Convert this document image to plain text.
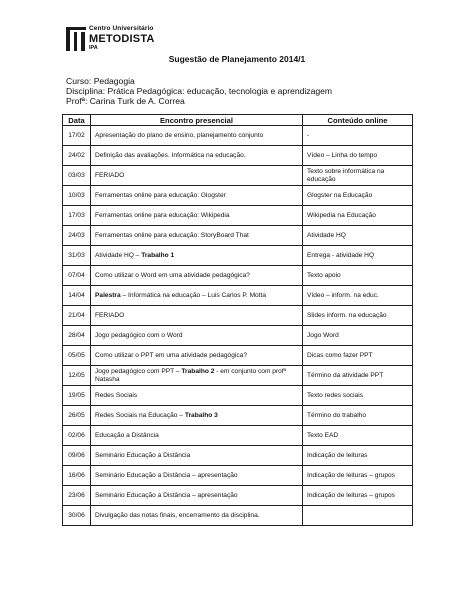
Centro Universitário
METODISTA
IPA
Sugestão de Planejamento 2014/1
Curso: Pedagogia
Disciplina: Prática Pedagógica: educação, tecnologia e aprendizagem
Profª: Carina Turk de A. Correa
Data	Encontro presencial	Conteúdo online
17/02	Apresentação do plano de ensino, planejamento conjunto	-
24/02	Definição das avaliações. Informática na educação.	Vídeo – Linha do tempo
03/03	FERIADO	Texto sobre informática na educação
10/03	Ferramentas online para educação: Glogster	Glogster na Educação
17/03	Ferramentas online para educação: Wikipedia	Wikipedia na Educação
24/03	Ferramentas online para educação: StoryBoard That	Atividade HQ
31/03	Atividade HQ – Trabalho 1	Entrega - atividade HQ
07/04	Como utilizar o Word em uma atividade pedagógica?	Texto apoio
14/04	Palestra – Informática na educação – Luis Carlos P. Motta	Vídeo – inform. na educ.
21/04	FERIADO	Slides inform. na educação
28/04	Jogo pedagógico com o Word	Jogo Word
05/05	Como utilizar o PPT em uma atividade pedagógica?	Dicas como fazer PPT
12/05	Jogo pedagógico com PPT – Trabalho 2 - em conjunto com profª Natasha	Término da atividade PPT
19/05	Redes Sociais	Texto redes sociais
26/05	Redes Sociais na Educação – Trabalho 3	Término do trabalho
02/06	Educação a Distância	Texto EAD
09/06	Seminário Educação a Distância	Indicação de leituras
16/06	Seminário Educação a Distância – apresentação	Indicação de leituras – grupos
23/06	Seminário Educação a Distância – apresentação	Indicação de leituras – grupos
30/06	Divulgação das notas finais, encerramento da disciplina.	
